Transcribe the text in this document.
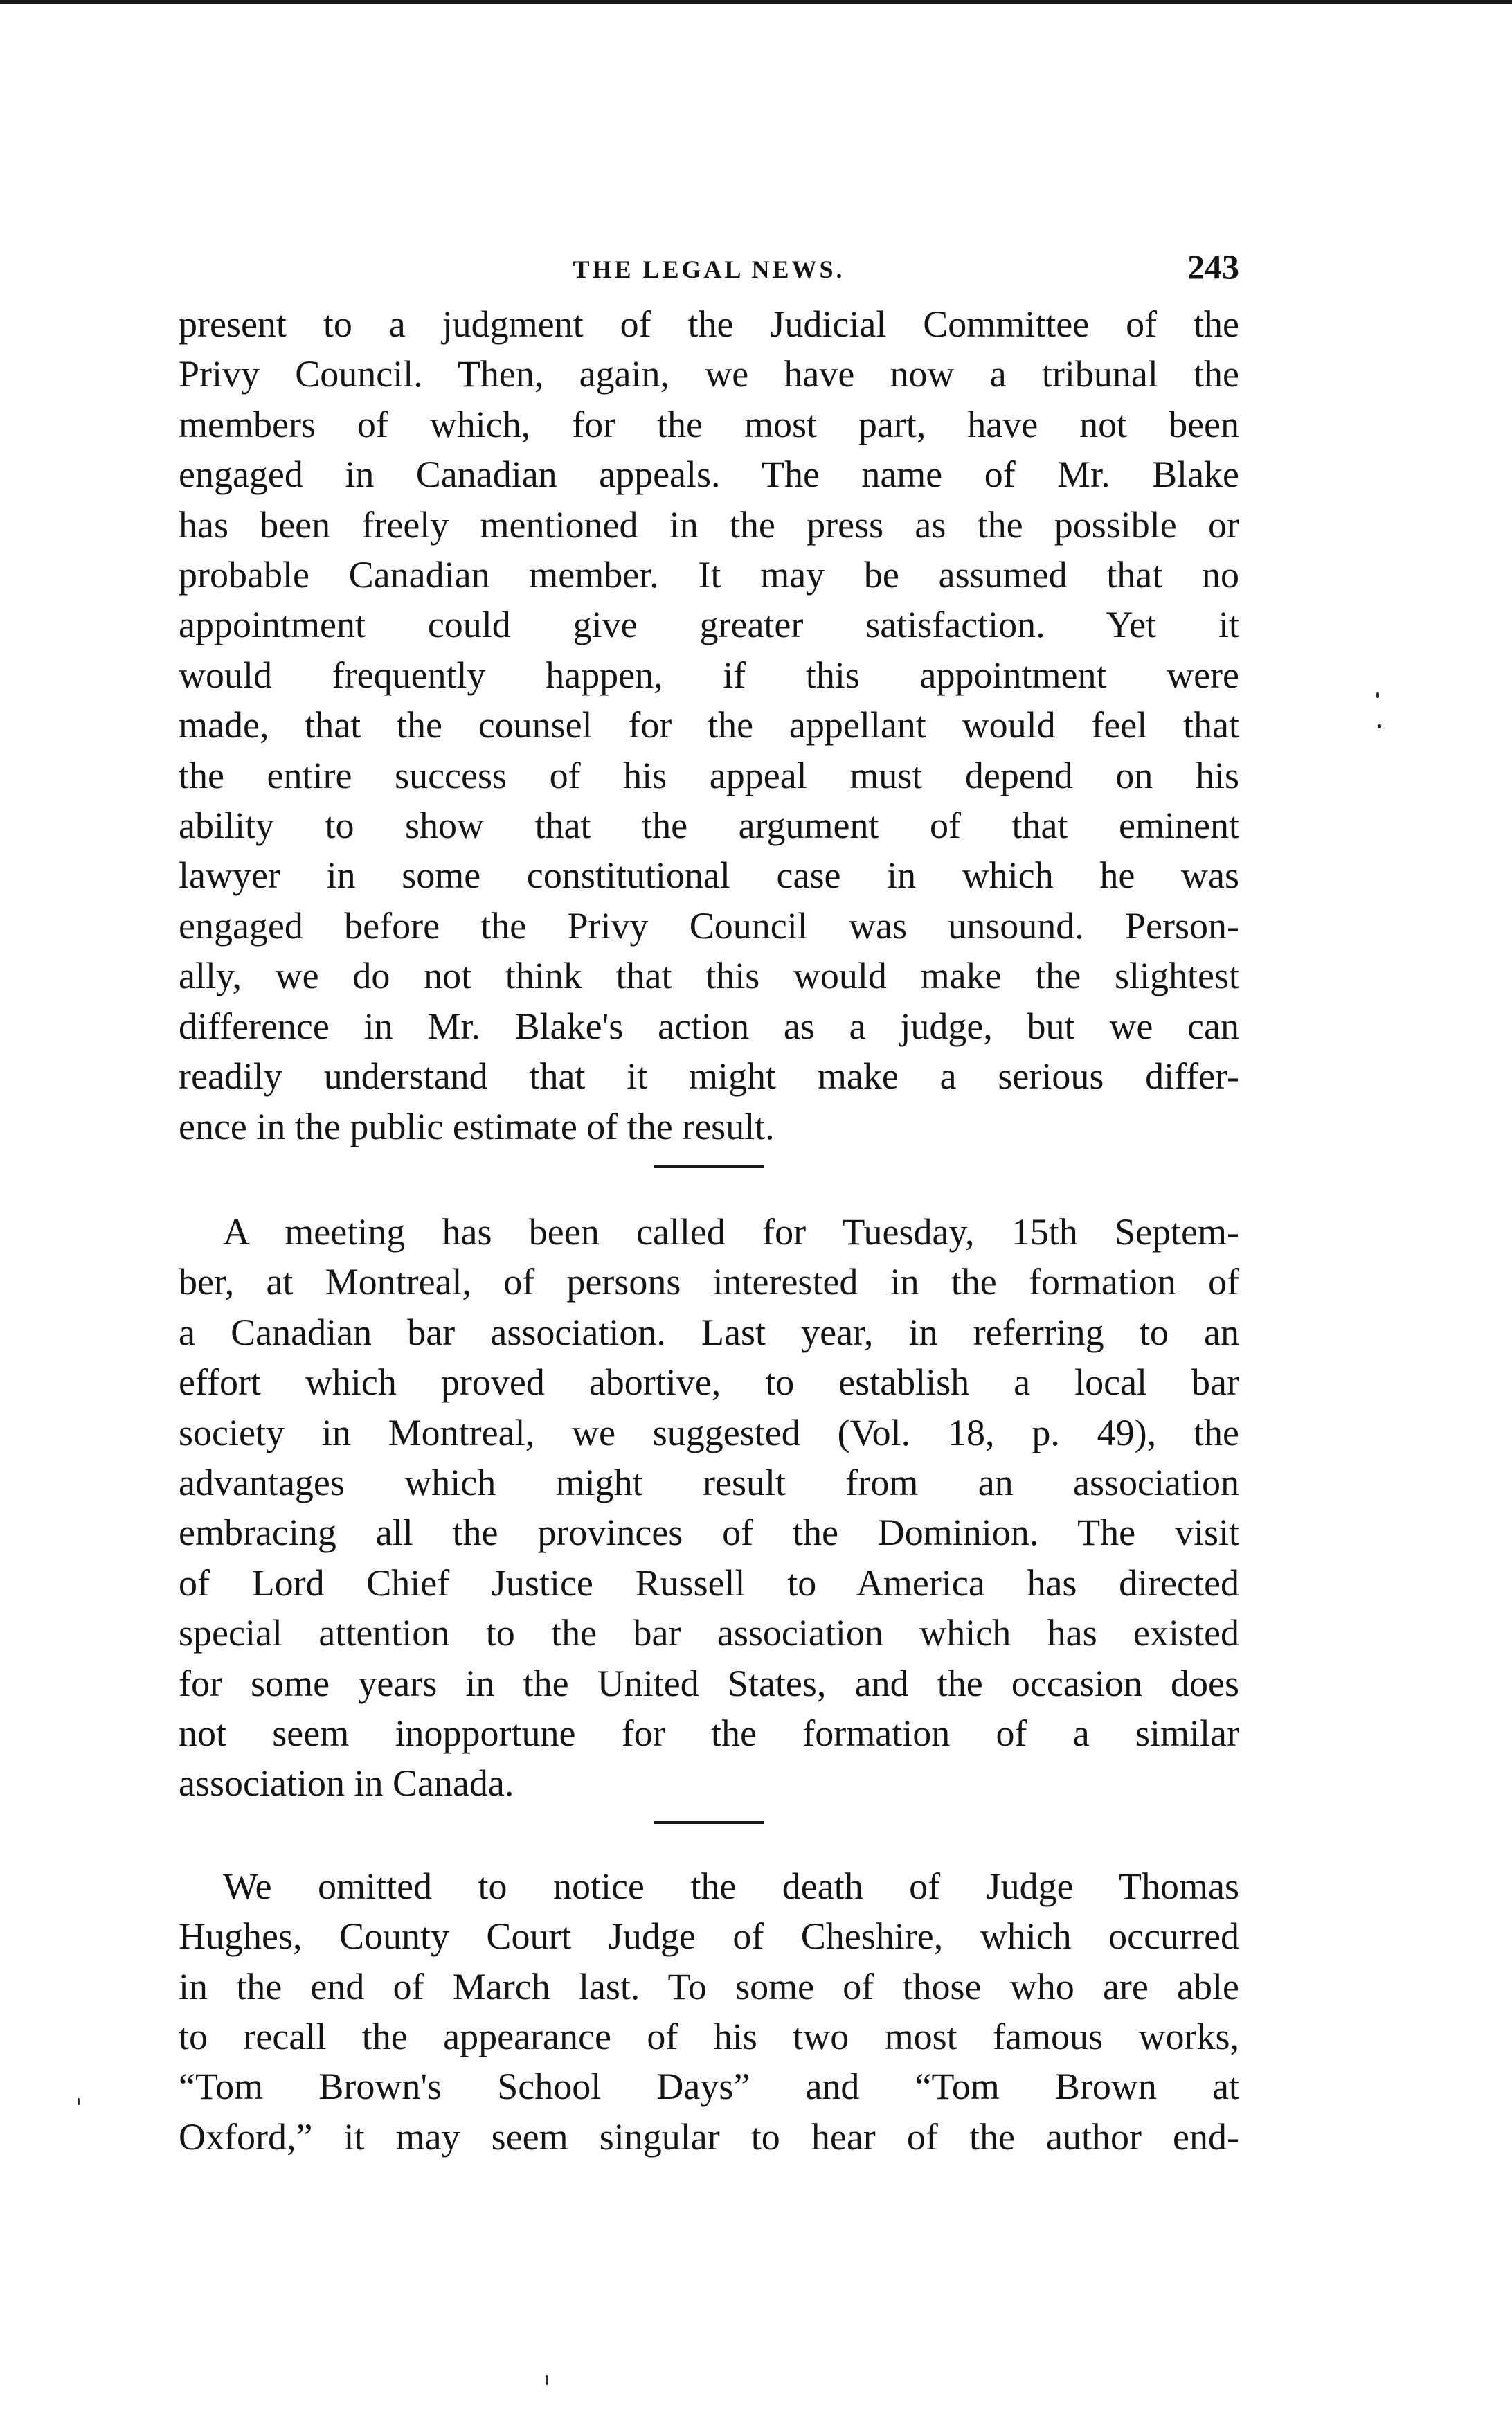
THE LEGAL NEWS.	243

present to a judgment of the Judicial Committee of the
Privy Council. Then, again, we have now a tribunal the
members of which, for the most part, have not been
engaged in Canadian appeals. The name of Mr. Blake
has been freely mentioned in the press as the possible or
probable Canadian member. It may be assumed that no
appointment could give greater satisfaction. Yet it
would frequently happen, if this appointment were
made, that the counsel for the appellant would feel that
the entire success of his appeal must depend on his
ability to show that the argument of that eminent
lawyer in some constitutional case in which he was
engaged before the Privy Council was unsound. Person-
ally, we do not think that this would make the slightest
difference in Mr. Blake's action as a judge, but we can
readily understand that it might make a serious differ-
ence in the public estimate of the result.

A meeting has been called for Tuesday, 15th Septem-
ber, at Montreal, of persons interested in the formation of
a Canadian bar association. Last year, in referring to an
effort which proved abortive, to establish a local bar
society in Montreal, we suggested (Vol. 18, p. 49), the
advantages which might result from an association
embracing all the provinces of the Dominion. The visit
of Lord Chief Justice Russell to America has directed
special attention to the bar association which has existed
for some years in the United States, and the occasion does
not seem inopportune for the formation of a similar
association in Canada.

We omitted to notice the death of Judge Thomas
Hughes, County Court Judge of Cheshire, which occurred
in the end of March last. To some of those who are able
to recall the appearance of his two most famous works,
“Tom Brown's School Days” and “Tom Brown at
Oxford,” it may seem singular to hear of the author end-
